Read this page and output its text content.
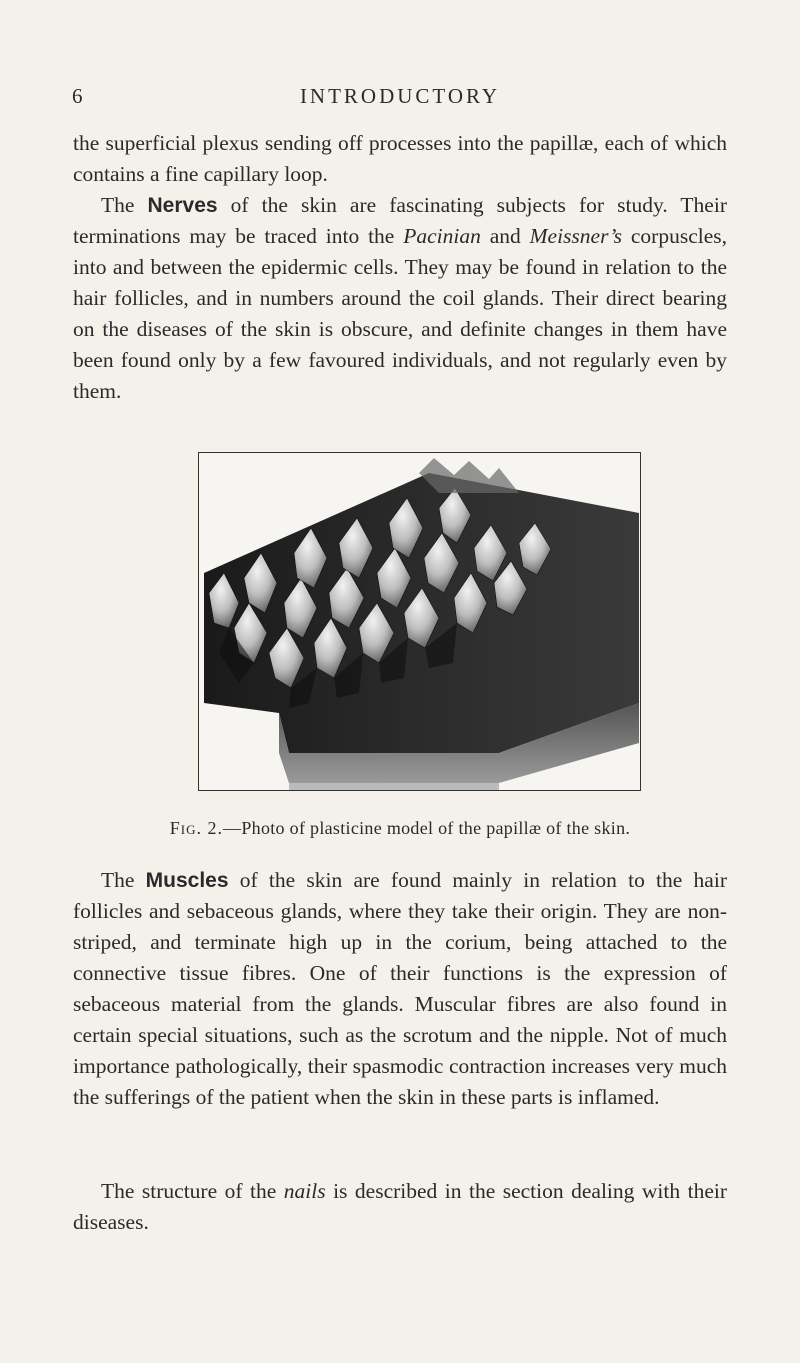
6	INTRODUCTORY

the superficial plexus sending off processes into the papillæ, each of which contains a fine capillary loop.

The Nerves of the skin are fascinating subjects for study. Their terminations may be traced into the Pacinian and Meissner’s corpuscles, into and between the epidermic cells. They may be found in relation to the hair follicles, and in numbers around the coil glands. Their direct bearing on the diseases of the skin is obscure, and definite changes in them have been found only by a few favoured individuals, and not regularly even by them.

Fig. 2.—Photo of plasticine model of the papillæ of the skin.

The Muscles of the skin are found mainly in relation to the hair follicles and sebaceous glands, where they take their origin. They are non-striped, and terminate high up in the corium, being attached to the connective tissue fibres. One of their functions is the expression of sebaceous material from the glands. Muscular fibres are also found in certain special situations, such as the scrotum and the nipple. Not of much importance pathologically, their spasmodic contraction increases very much the sufferings of the patient when the skin in these parts is inflamed.

The structure of the nails is described in the section dealing with their diseases.
